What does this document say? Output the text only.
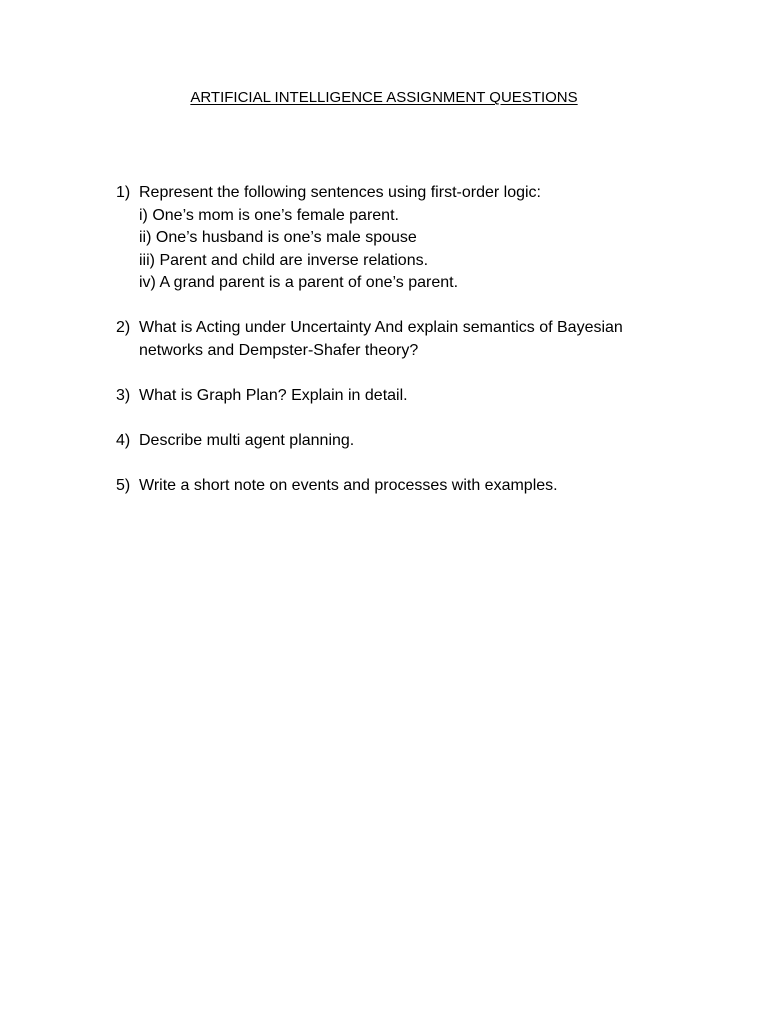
ARTIFICIAL INTELLIGENCE ASSIGNMENT QUESTIONS
1) Represent the following sentences using first-order logic:
i) One’s mom is one’s female parent.
ii) One’s husband is one’s male spouse
iii) Parent and child are inverse relations.
iv) A grand parent is a parent of one’s parent.
2) What is Acting under Uncertainty And explain semantics of Bayesian networks and Dempster-Shafer theory?
3) What is Graph Plan? Explain in detail.
4) Describe multi agent planning.
5) Write a short note on events and processes with examples.
